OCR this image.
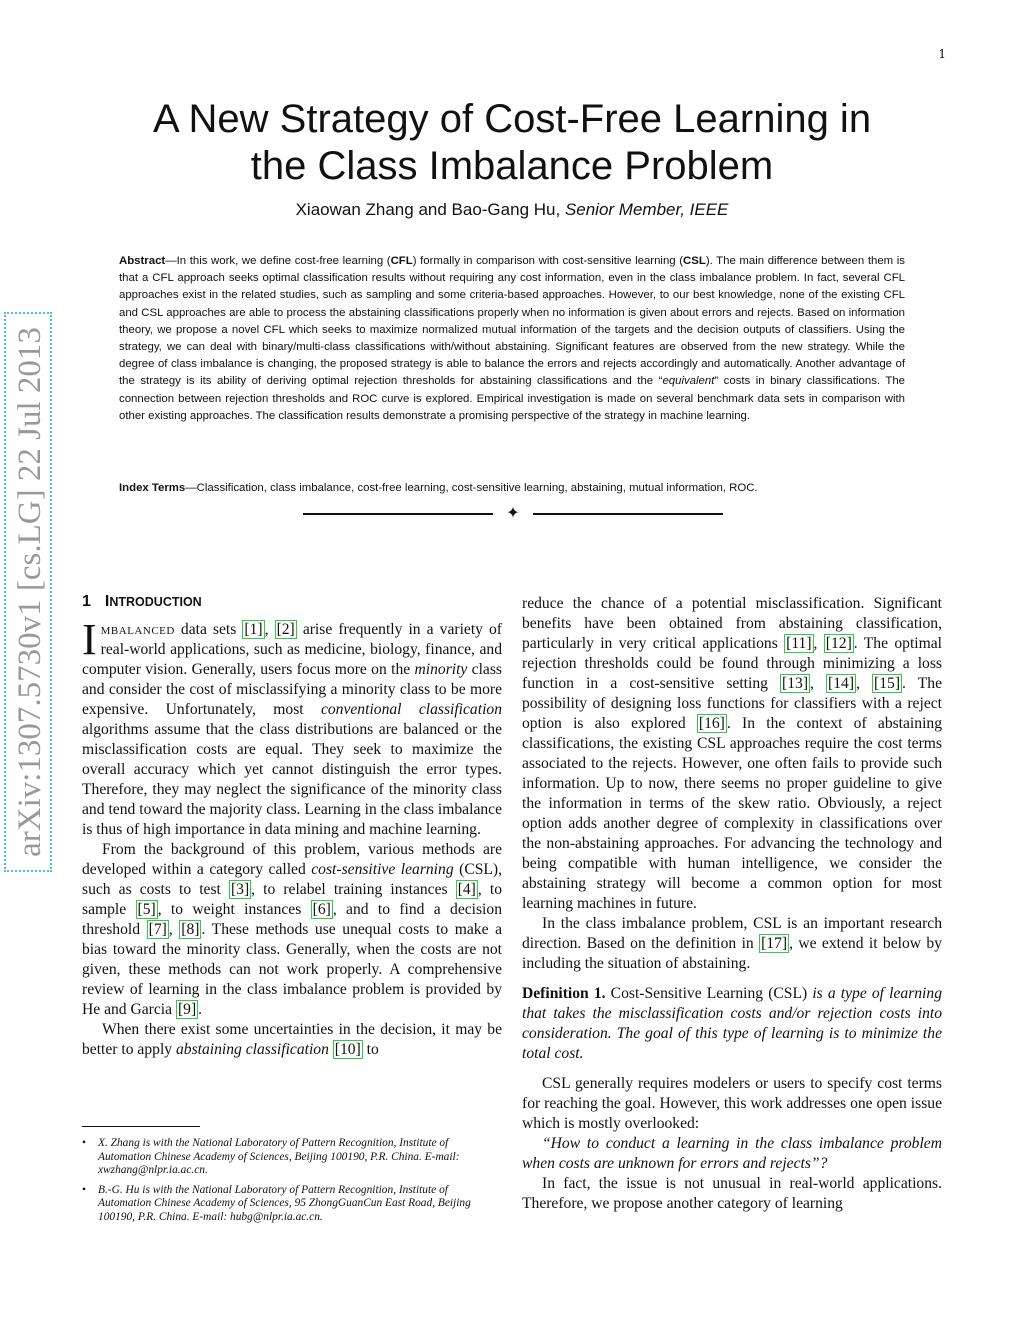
1
A New Strategy of Cost-Free Learning in
the Class Imbalance Problem
Xiaowan Zhang and Bao-Gang Hu, Senior Member, IEEE
Abstract—In this work, we define cost-free learning (CFL) formally in comparison with cost-sensitive learning (CSL). The main difference between them is that a CFL approach seeks optimal classification results without requiring any cost information, even in the class imbalance problem. In fact, several CFL approaches exist in the related studies, such as sampling and some criteria-based approaches. However, to our best knowledge, none of the existing CFL and CSL approaches are able to process the abstaining classifications properly when no information is given about errors and rejects. Based on information theory, we propose a novel CFL which seeks to maximize normalized mutual information of the targets and the decision outputs of classifiers. Using the strategy, we can deal with binary/multi-class classifications with/without abstaining. Significant features are observed from the new strategy. While the degree of class imbalance is changing, the proposed strategy is able to balance the errors and rejects accordingly and automatically. Another advantage of the strategy is its ability of deriving optimal rejection thresholds for abstaining classifications and the “equivalent” costs in binary classifications. The connection between rejection thresholds and ROC curve is explored. Empirical investigation is made on several benchmark data sets in comparison with other existing approaches. The classification results demonstrate a promising perspective of the strategy in machine learning.
Index Terms—Classification, class imbalance, cost-free learning, cost-sensitive learning, abstaining, mutual information, ROC.
✦
arXiv:1307.5730v1 [cs.LG] 22 Jul 2013 1 INTRODUCTION

Imbalanced data sets [1] , [2] arise frequently in a variety of real-world applications, such as medicine, biology, finance, and computer vision. Generally, users focus more on the minority class and consider the cost of misclassifying a minority class to be more expensive. Unfortunately, most conventional classification algorithms assume that the class distributions are balanced or the misclassification costs are equal. They seek to maximize the overall accuracy which yet cannot distinguish the error types. Therefore, they may neglect the significance of the minority class and tend toward the majority class. Learning in the class imbalance is thus of high importance in data mining and machine learning.

From the background of this problem, various methods are developed within a category called cost-sensitive learning (CSL), such as costs to test [3] , to relabel training instances [4] , to sample [5] , to weight instances [6] , and to find a decision threshold [7] , [8] . These methods use unequal costs to make a bias toward the minority class. Generally, when the costs are not given, these methods can not work properly. A comprehensive review of learning in the class imbalance problem is provided by He and Garcia [9] .

When there exist some uncertainties in the decision, it may be better to apply abstaining classification [10] to

• X. Zhang is with the National Laboratory of Pattern Recognition, Institute of Automation Chinese Academy of Sciences, Beijing 100190, P.R. China. E-mail: xwzhang@nlpr.ia.ac.cn.
• B.-G. Hu is with the National Laboratory of Pattern Recognition, Institute of Automation Chinese Academy of Sciences, 95 ZhongGuanCun East Road, Beijing 100190, P.R. China. E-mail: hubg@nlpr.ia.ac.cn.

reduce the chance of a potential misclassification. Significant benefits have been obtained from abstaining classification, particularly in very critical applications [11] , [12] . The optimal rejection thresholds could be found through minimizing a loss function in a cost-sensitive setting [13] , [14] , [15] . The possibility of designing loss functions for classifiers with a reject option is also explored [16] . In the context of abstaining classifications, the existing CSL approaches require the cost terms associated to the rejects. However, one often fails to provide such information. Up to now, there seems no proper guideline to give the information in terms of the skew ratio. Obviously, a reject option adds another degree of complexity in classifications over the non-abstaining approaches. For advancing the technology and being compatible with human intelligence, we consider the abstaining strategy will become a common option for most learning machines in future.

In the class imbalance problem, CSL is an important research direction. Based on the definition in [17] , we extend it below by including the situation of abstaining.

Definition 1. Cost-Sensitive Learning (CSL) is a type of learning that takes the misclassification costs and/or rejection costs into consideration. The goal of this type of learning is to minimize the total cost.

CSL generally requires modelers or users to specify cost terms for reaching the goal. However, this work addresses one open issue which is mostly overlooked:

“How to conduct a learning in the class imbalance problem when costs are unknown for errors and rejects”?

In fact, the issue is not unusual in real-world applications. Therefore, we propose another category of learning
